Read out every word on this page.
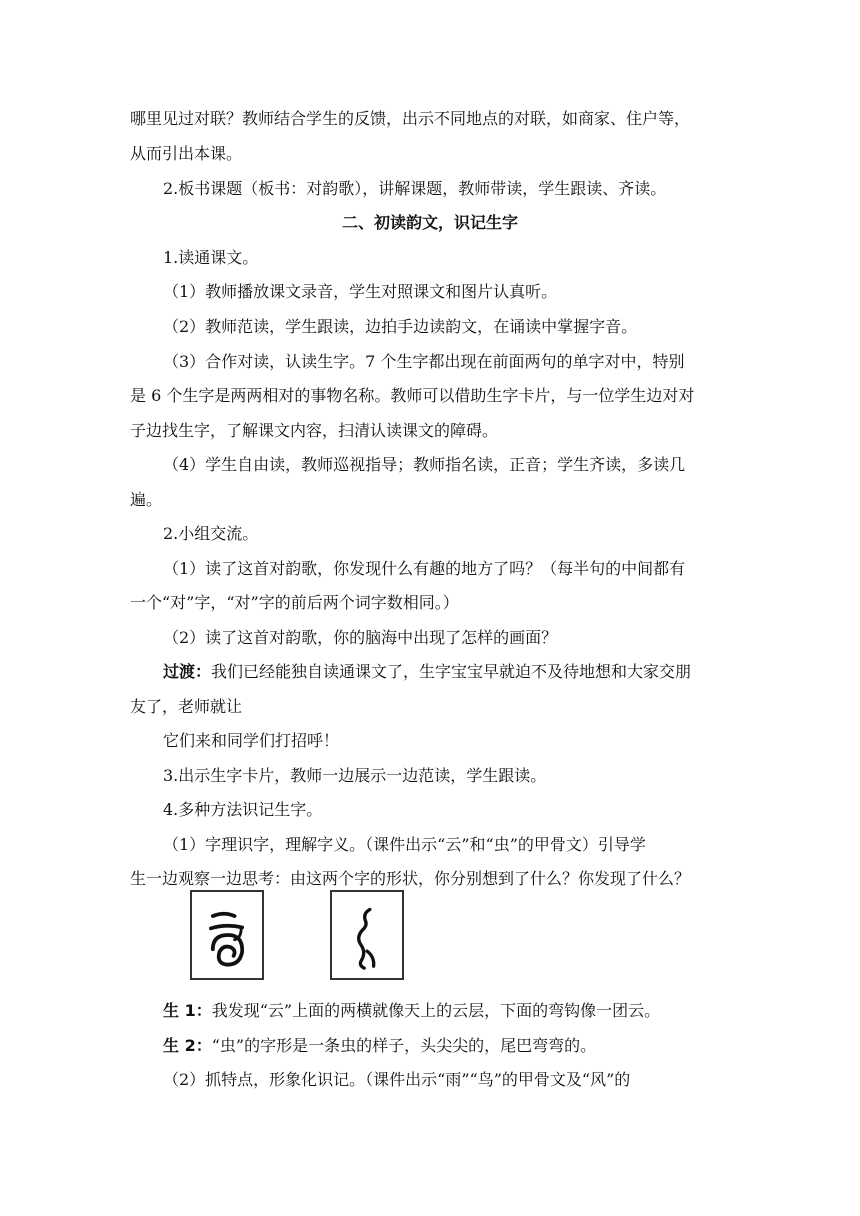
哪里见过对联？教师结合学生的反馈，出示不同地点的对联，如商家、住户等，
从而引出本课。
2.板书课题（板书：对韵歌），讲解课题，教师带读，学生跟读、齐读。
二、初读韵文，识记生字
1.读通课文。
（1）教师播放课文录音，学生对照课文和图片认真听。
（2）教师范读，学生跟读，边拍手边读韵文，在诵读中掌握字音。
（3）合作对读，认读生字。7 个生字都出现在前面两句的单字对中，特别
是 6 个生字是两两相对的事物名称。教师可以借助生字卡片，与一位学生边对对
子边找生字，了解课文内容，扫清认读课文的障碍。
（4）学生自由读，教师巡视指导；教师指名读，正音；学生齐读，多读几
遍。
2.小组交流。
（1）读了这首对韵歌，你发现什么有趣的地方了吗？（每半句的中间都有
一个“对”字，“对”字的前后两个词字数相同。）
（2）读了这首对韵歌，你的脑海中出现了怎样的画面？
过渡：我们已经能独自读通课文了，生字宝宝早就迫不及待地想和大家交朋
友了，老师就让
它们来和同学们打招呼！
3.出示生字卡片，教师一边展示一边范读，学生跟读。
4.多种方法识记生字。
（1）字理识字，理解字义。（课件出示“云”和“虫”的甲骨文）引导学
生一边观察一边思考：由这两个字的形状，你分别想到了什么？你发现了什么？
生 1：我发现“云”上面的两横就像天上的云层，下面的弯钩像一团云。
生 2：“虫”的字形是一条虫的样子，头尖尖的，尾巴弯弯的。
（2）抓特点，形象化识记。（课件出示“雨”“鸟”的甲骨文及“风”的
